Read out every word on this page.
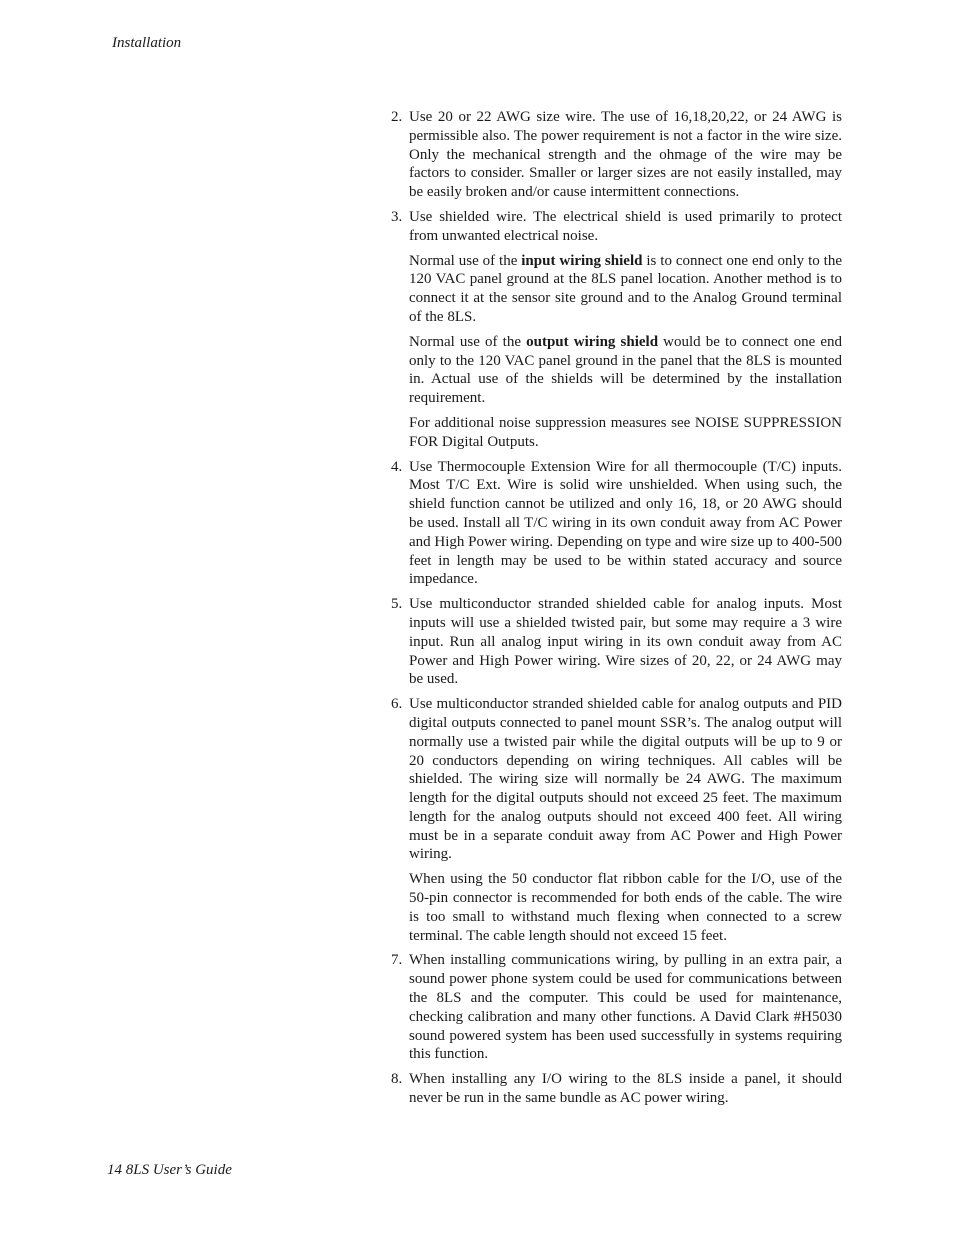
Installation
2. Use 20 or 22 AWG size wire. The use of 16,18,20,22, or 24 AWG is permissible also. The power requirement is not a factor in the wire size. Only the mechanical strength and the ohmage of the wire may be factors to consider. Smaller or larger sizes are not easily installed, may be easily broken and/or cause intermittent connections.

3. Use shielded wire. The electrical shield is used primarily to protect from unwanted electrical noise.

Normal use of the input wiring shield is to connect one end only to the 120 VAC panel ground at the 8LS panel location. Another method is to connect it at the sensor site ground and to the Analog Ground terminal of the 8LS.

Normal use of the output wiring shield would be to connect one end only to the 120 VAC panel ground in the panel that the 8LS is mounted in. Actual use of the shields will be determined by the installation requirement.

For additional noise suppression measures see NOISE SUPPRESSION FOR Digital Outputs.

4. Use Thermocouple Extension Wire for all thermocouple (T/C) inputs. Most T/C Ext. Wire is solid wire unshielded. When using such, the shield function cannot be utilized and only 16, 18, or 20 AWG should be used. Install all T/C wiring in its own conduit away from AC Power and High Power wiring. Depending on type and wire size up to 400-500 feet in length may be used to be within stated accuracy and source impedance.

5. Use multiconductor stranded shielded cable for analog inputs. Most inputs will use a shielded twisted pair, but some may require a 3 wire input. Run all analog input wiring in its own conduit away from AC Power and High Power wiring. Wire sizes of 20, 22, or 24 AWG may be used.

6. Use multiconductor stranded shielded cable for analog outputs and PID digital outputs connected to panel mount SSR’s. The analog output will normally use a twisted pair while the digital outputs will be up to 9 or 20 conductors depending on wiring techniques. All cables will be shielded. The wiring size will normally be 24 AWG. The maximum length for the digital outputs should not exceed 25 feet. The maximum length for the analog outputs should not exceed 400 feet. All wiring must be in a separate conduit away from AC Power and High Power wiring.

When using the 50 conductor flat ribbon cable for the I/O, use of the 50-pin connector is recommended for both ends of the cable. The wire is too small to withstand much flexing when connected to a screw terminal. The cable length should not exceed 15 feet.

7. When installing communications wiring, by pulling in an extra pair, a sound power phone system could be used for communications between the 8LS and the computer. This could be used for maintenance, checking calibration and many other functions. A David Clark #H5030 sound powered system has been used successfully in systems requiring this function.

8. When installing any I/O wiring to the 8LS inside a panel, it should never be run in the same bundle as AC power wiring.

14 8LS User’s Guide
